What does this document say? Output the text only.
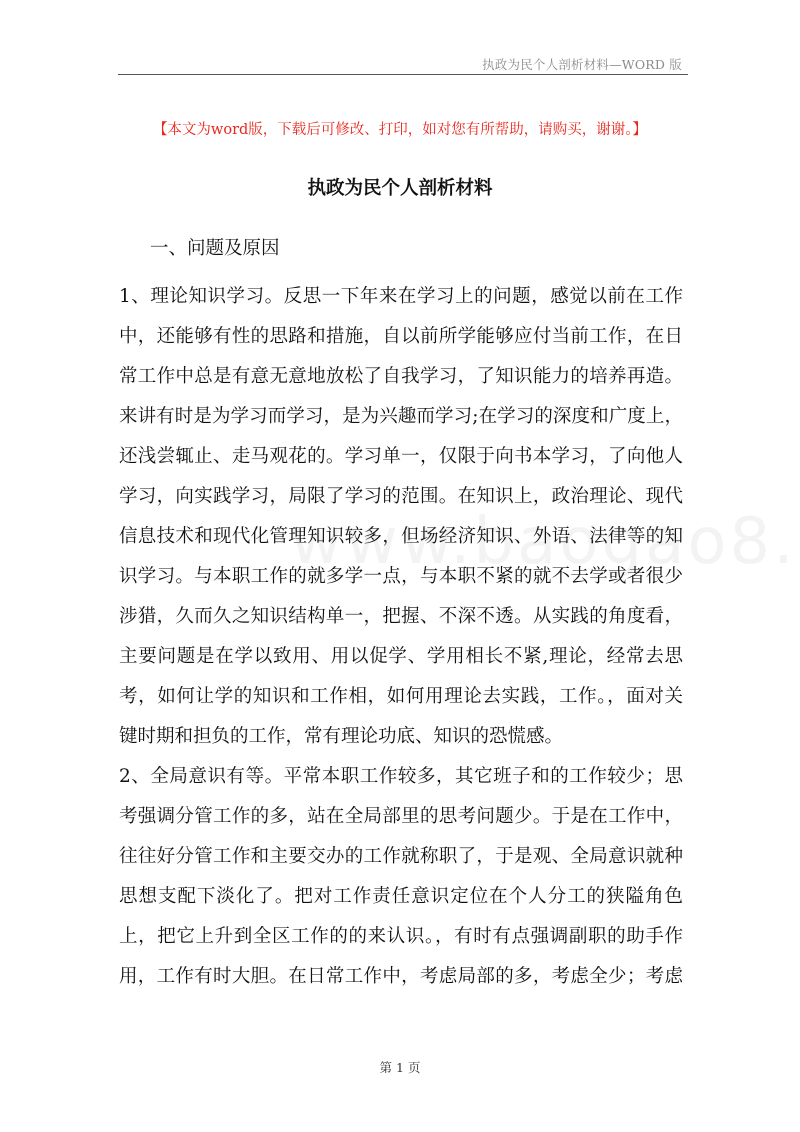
执政为民个人剖析材料—WORD 版
【本文为word版，下载后可修改、打印，如对您有所帮助，请购买，谢谢。】
执政为民个人剖析材料
一、问题及原因
1、理论知识学习。反思一下年来在学习上的问题，感觉以前在工作
中，还能够有性的思路和措施，自以前所学能够应付当前工作，在日
常工作中总是有意无意地放松了自我学习，了知识能力的培养再造。
来讲有时是为学习而学习，是为兴趣而学习;在学习的深度和广度上，
还浅尝辄止、走马观花的。学习单一，仅限于向书本学习，了向他人
学习，向实践学习，局限了学习的范围。在知识上，政治理论、现代
信息技术和现代化管理知识较多，但场经济知识、外语、法律等的知
识学习。与本职工作的就多学一点，与本职不紧的就不去学或者很少
涉猎，久而久之知识结构单一，把握、不深不透。从实践的角度看，
主要问题是在学以致用、用以促学、学用相长不紧,理论，经常去思
考，如何让学的知识和工作相，如何用理论去实践，工作。，面对关
键时期和担负的工作，常有理论功底、知识的恐慌感。
2、全局意识有等。平常本职工作较多，其它班子和的工作较少；思
考强调分管工作的多，站在全局部里的思考问题少。于是在工作中，
往往好分管工作和主要交办的工作就称职了，于是观、全局意识就种
思想支配下淡化了。把对工作责任意识定位在个人分工的狭隘角色
上，把它上升到全区工作的的来认识。，有时有点强调副职的助手作
用，工作有时大胆。在日常工作中，考虑局部的多，考虑全少；考虑
第 1 页
